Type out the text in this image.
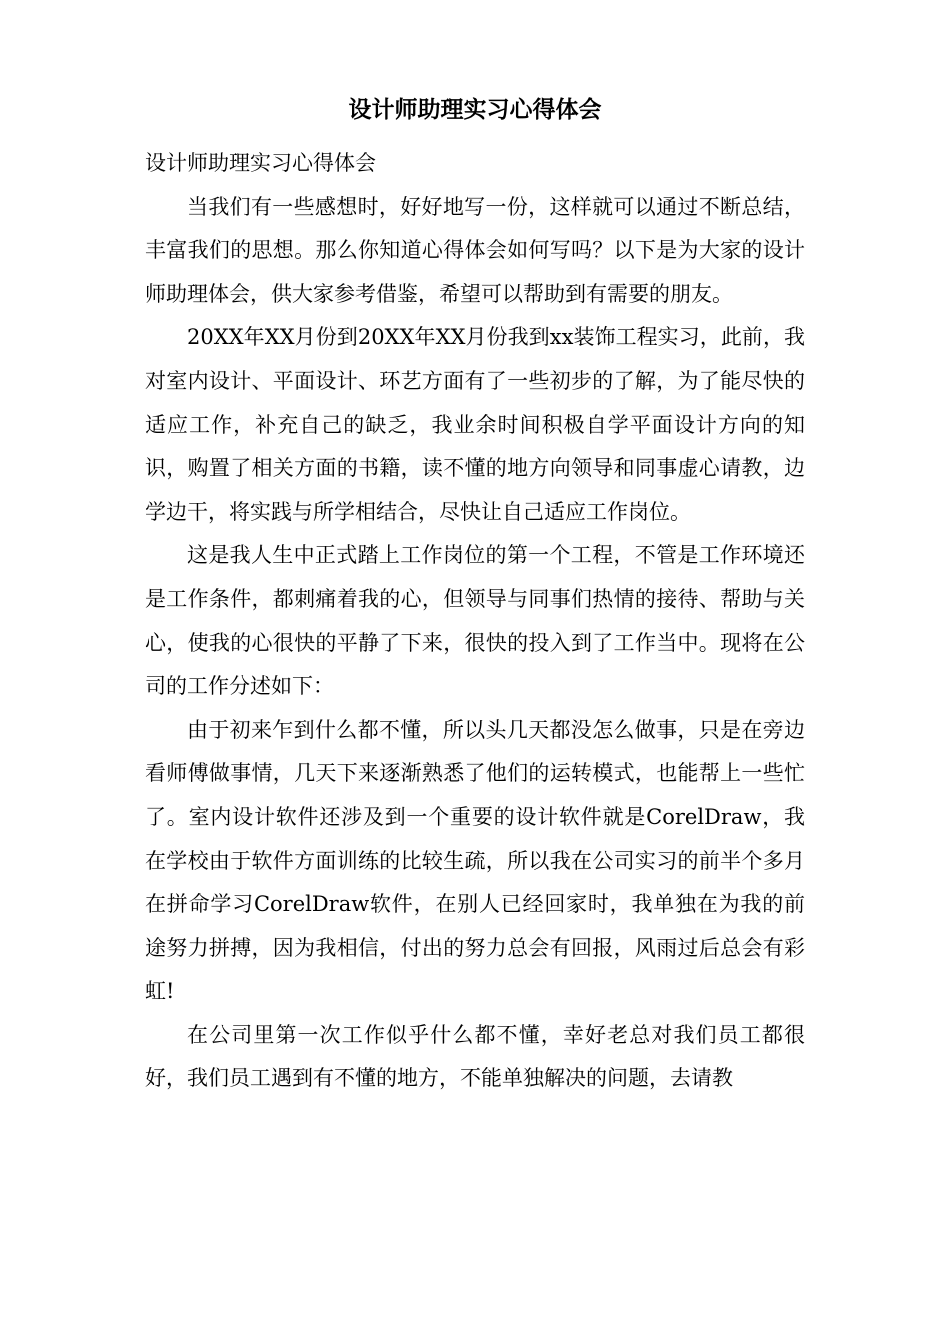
设计师助理实习心得体会

设计师助理实习心得体会

当我们有一些感想时，好好地写一份，这样就可以通过不断总结，丰富我们的思想。那么你知道心得体会如何写吗？以下是为大家的设计师助理体会，供大家参考借鉴，希望可以帮助到有需要的朋友。

20XX年XX月份到20XX年XX月份我到xx装饰工程实习，此前，我对室内设计、平面设计、环艺方面有了一些初步的了解，为了能尽快的适应工作，补充自己的缺乏，我业余时间积极自学平面设计方向的知识，购置了相关方面的书籍，读不懂的地方向领导和同事虚心请教，边学边干，将实践与所学相结合，尽快让自己适应工作岗位。

这是我人生中正式踏上工作岗位的第一个工程，不管是工作环境还是工作条件，都刺痛着我的心，但领导与同事们热情的接待、帮助与关心，使我的心很快的平静了下来，很快的投入到了工作当中。现将在公司的工作分述如下：

由于初来乍到什么都不懂，所以头几天都没怎么做事，只是在旁边看师傅做事情，几天下来逐渐熟悉了他们的运转模式，也能帮上一些忙了。室内设计软件还涉及到一个重要的设计软件就是CorelDraw，我在学校由于软件方面训练的比较生疏，所以我在公司实习的前半个多月在拼命学习CorelDraw软件，在别人已经回家时，我单独在为我的前途努力拼搏，因为我相信，付出的努力总会有回报，风雨过后总会有彩虹!

在公司里第一次工作似乎什么都不懂，幸好老总对我们员工都很好，我们员工遇到有不懂的地方，不能单独解决的问题，去请教
